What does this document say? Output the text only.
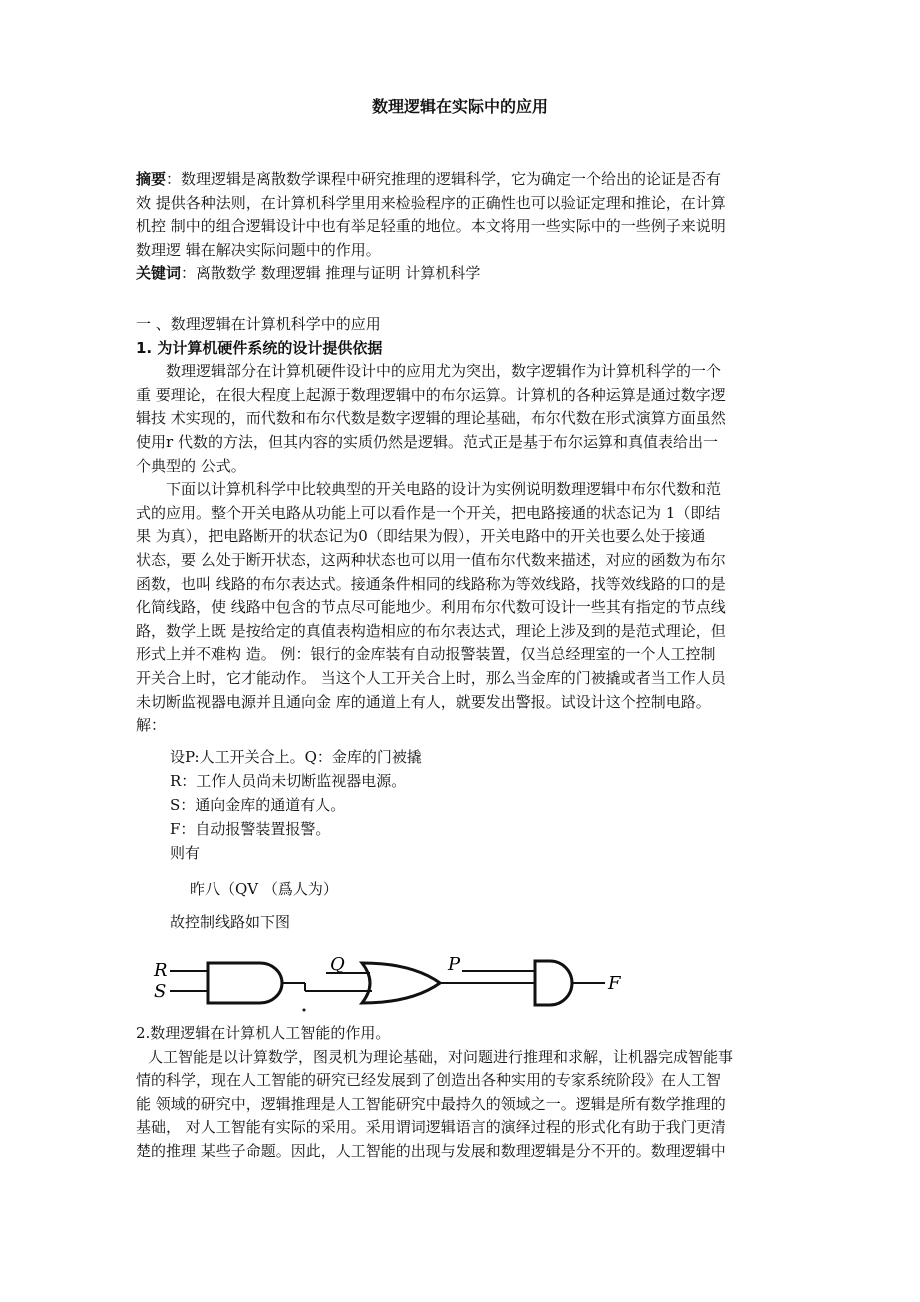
数理逻辑在实际中的应用
摘要：数理逻辑是离散数学课程中研究推理的逻辑科学，它为确定一个给出的论证是否有
效 提供各种法则，在计算机科学里用来检验程序的正确性也可以验证定理和推论，在计算
机控 制中的组合逻辑设计中也有举足轻重的地位。本文将用一些实际中的一些例子来说明
数理逻 辑在解决实际问题中的作用。
关键词：离散数学 数理逻辑 推理与证明 计算机科学
一 、数理逻辑在计算机科学中的应用
1. 为计算机硬件系统的设计提供依据
数理逻辑部分在计算机硬件设计中的应用尤为突出，数字逻辑作为计算机科学的一个
重 要理论，在很大程度上起源于数理逻辑中的布尔运算。计算机的各种运算是通过数字逻
辑技 术实现的，而代数和布尔代数是数字逻辑的理论基础，布尔代数在形式演算方面虽然
使用r 代数的方法，但其内容的实质仍然是逻辑。范式正是基于布尔运算和真值表给出一
个典型的 公式。
下面以计算机科学中比较典型的开关电路的设计为实例说明数理逻辑中布尔代数和范
式的应用。整个开关电路从功能上可以看作是一个开关，把电路接通的状态记为 1（即结
果 为真），把电路断开的状态记为0（即结果为假），开关电路中的开关也要么处于接通
状态，要 么处于断开状态，这两种状态也可以用一值布尔代数来描述，对应的函数为布尔
函数，也叫 线路的布尔表达式。接通条件相同的线路称为等效线路，找等效线路的口的是
化简线路，使 线路中包含的节点尽可能地少。利用布尔代数可设计一些其有指定的节点线
路，数学上既 是按给定的真值表构造相应的布尔表达式，理论上涉及到的是范式理论，但
形式上并不难构 造。 例：银行的金库装有自动报警装置，仅当总经理室的一个人工控制
开关合上时，它才能动作。 当这个人工开关合上时，那么当金库的门被撬或者当工作人员
未切断监视器电源并且通向金 库的通道上有人，就要发出警报。试设计这个控制电路。
解：
设P:人工开关合上。Q：金库的门被撬
R：工作人员尚未切断监视器电源。
S：通向金库的通道有人。
F：自动报警装置报警。
则有
昨八（QV （爲人为）
故控制线路如下图
R
S
Q	P
F
2.数理逻辑在计算机人工智能的作用。
人工智能是以计算数学，图灵机为理论基础，对问题进行推理和求解，让机器完成智能事
情的科学，现在人工智能的研究已经发展到了创造出各种实用的专家系统阶段》在人工智
能 领域的研究中，逻辑推理是人工智能研究中最持久的领域之一。逻辑是所有数学推理的
基础， 对人工智能有实际的采用。采用谓词逻辑语言的演绎过程的形式化有助于我门更清
楚的推理 某些子命题。因此，人工智能的出现与发展和数理逻辑是分不开的。数理逻辑中
